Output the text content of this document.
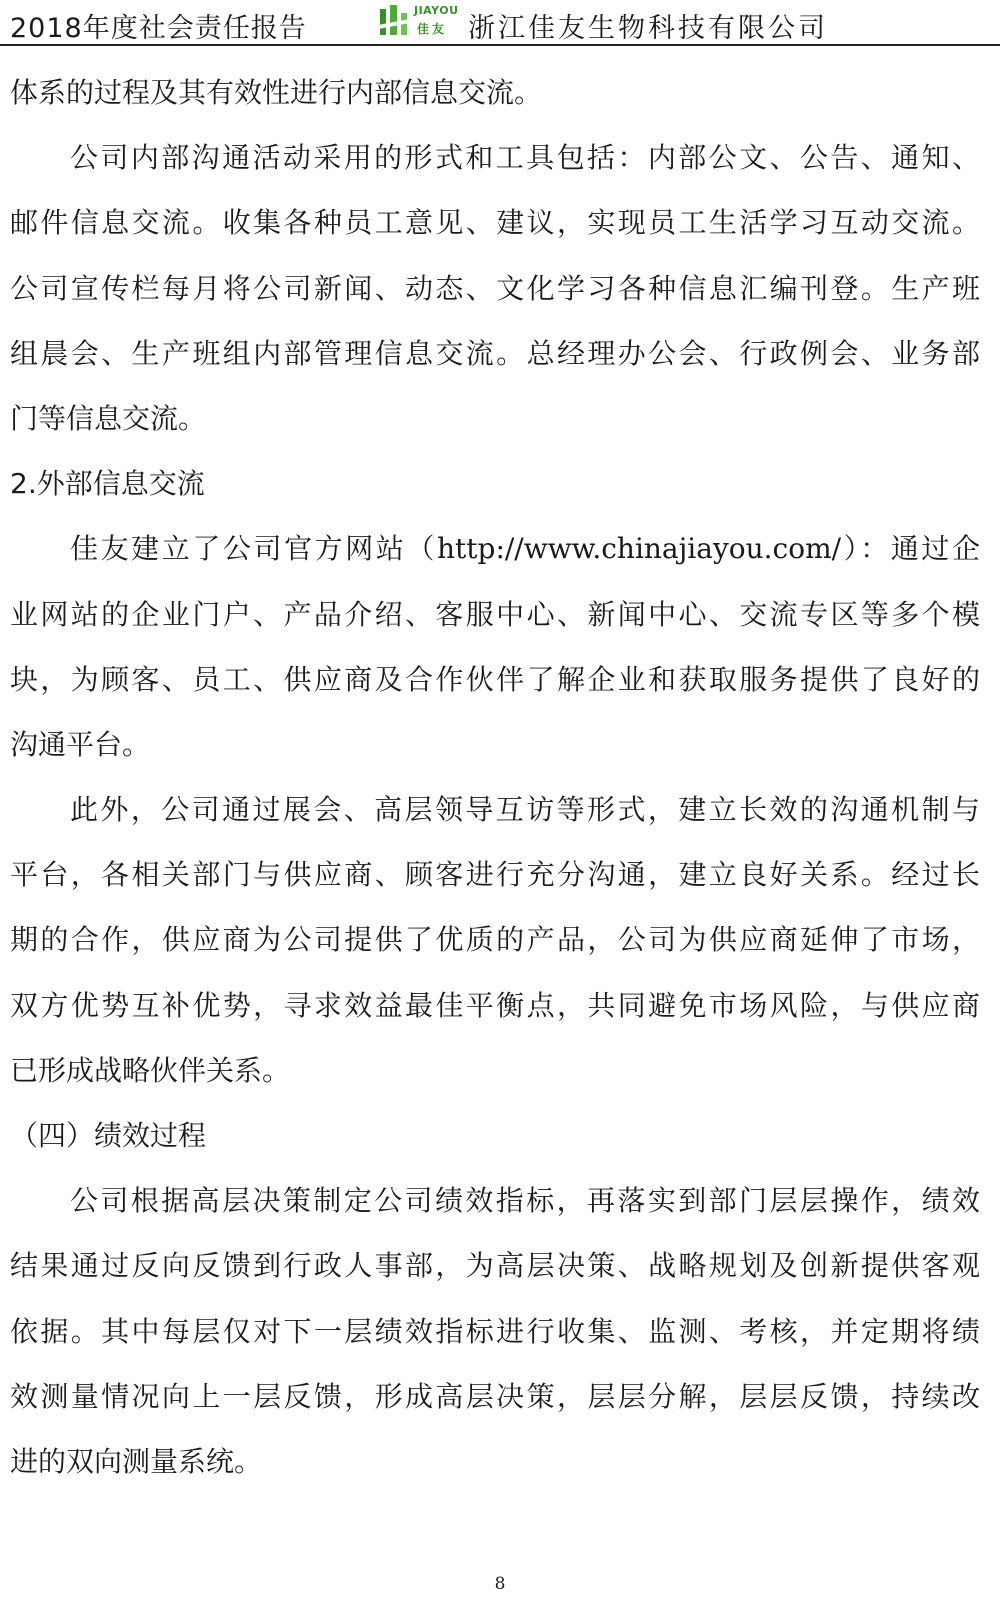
2018年度社会责任报告
JIAYOU
佳友 浙江佳友生物科技有限公司
体系的过程及其有效性进行内部信息交流。
公司内部沟通活动采用的形式和工具包括：内部公文、公告、通知、
邮件信息交流。收集各种员工意见、建议，实现员工生活学习互动交流。
公司宣传栏每月将公司新闻、动态、文化学习各种信息汇编刊登。生产班
组晨会、生产班组内部管理信息交流。总经理办公会、行政例会、业务部
门等信息交流。
2.外部信息交流
佳友建立了公司官方网站（http://www.chinajiayou.com/）：通过企
业网站的企业门户、产品介绍、客服中心、新闻中心、交流专区等多个模
块，为顾客、员工、供应商及合作伙伴了解企业和获取服务提供了良好的
沟通平台。
此外，公司通过展会、高层领导互访等形式，建立长效的沟通机制与
平台，各相关部门与供应商、顾客进行充分沟通，建立良好关系。经过长
期的合作，供应商为公司提供了优质的产品，公司为供应商延伸了市场，
双方优势互补优势，寻求效益最佳平衡点，共同避免市场风险，与供应商
已形成战略伙伴关系。
（四）绩效过程
公司根据高层决策制定公司绩效指标，再落实到部门层层操作，绩效
结果通过反向反馈到行政人事部，为高层决策、战略规划及创新提供客观
依据。其中每层仅对下一层绩效指标进行收集、监测、考核，并定期将绩
效测量情况向上一层反馈，形成高层决策，层层分解，层层反馈，持续改
进的双向测量系统。
8
